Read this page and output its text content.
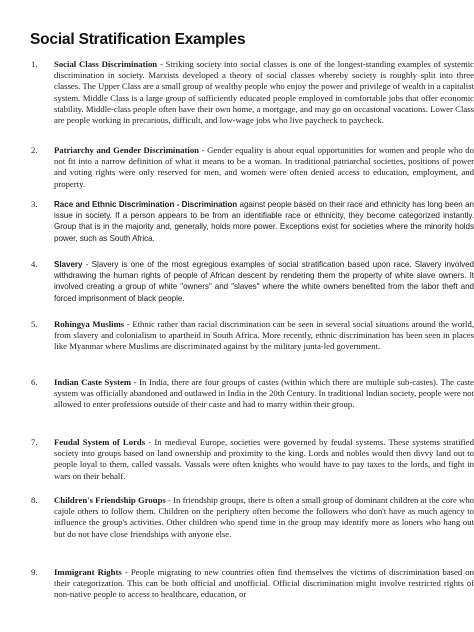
Social Stratification Examples
1. Social Class Discrimination - Striking society into social classes is one of the longest-standing examples of systemic discrimination in society. Marxists developed a theory of social classes whereby society is roughly split into three classes. The Upper Class are a small group of wealthy people who enjoy the power and privilege of wealth in a capitalist system. Middle Class is a large group of sufficiently educated people employed in comfortable jobs that offer economic stability. Middle-class people often have their own home, a mortgage, and may go on occasional vacations. Lower Class are people working in precarious, difficult, and low-wage jobs who live paycheck to paycheck.
2. Patriarchy and Gender Discrimination - Gender equality is about equal opportunities for women and people who do not fit into a narrow definition of what it means to be a woman. In traditional patriarchal societies, positions of power and voting rights were only reserved for men, and women were often denied access to education, employment, and property.
3. Race and Ethnic Discrimination - Discrimination against people based on their race and ethnicity has long been an issue in society. If a person appears to be from an identifiable race or ethnicity, they become categorized instantly. Group that is in the majority and, generally, holds more power. Exceptions exist for societies where the minority holds power, such as South Africa.
4. Slavery - Slavery is one of the most egregious examples of social stratification based upon race. Slavery involved withdrawing the human rights of people of African descent by rendering them the property of white slave owners. It involved creating a group of white "owners" and "slaves" where the white owners benefited from the labor theft and forced imprisonment of black people.
5. Rohingya Muslims - Ethnic rather than racial discrimination can be seen in several social situations around the world, from slavery and colonialism to apartheid in South Africa. More recently, ethnic discrimination has been seen in places like Myanmar where Muslims are discriminated against by the military junta-led government.
6. Indian Caste System - In India, there are four groups of castes (within which there are multiple sub-castes). The caste system was officially abandoned and outlawed in India in the 20th Century. In traditional Indian society, people were not allowed to enter professions outside of their caste and had to marry within their group.
7. Feudal System of Lords - In medieval Europe, societies were governed by feudal systems. These systems stratified society into groups based on land ownership and proximity to the king. Lords and nobles would then divvy land out to people loyal to them, called vassals. Vassals were often knights who would have to pay taxes to the lords, and fight in wars on their behalf.
8. Children's Friendship Groups - In friendship groups, there is often a small group of dominant children at the core who cajole others to follow them. Children on the periphery often become the followers who don't have as much agency to influence the group's activities. Other children who spend time in the group may identify more as loners who hang out but do not have close friendships with anyone else.
9. Immigrant Rights - People migrating to new countries often find themselves the victims of discrimination based on their categorization. This can be both official and unofficial. Official discrimination might involve restricted rights of non-native people to access to healthcare, education, or
